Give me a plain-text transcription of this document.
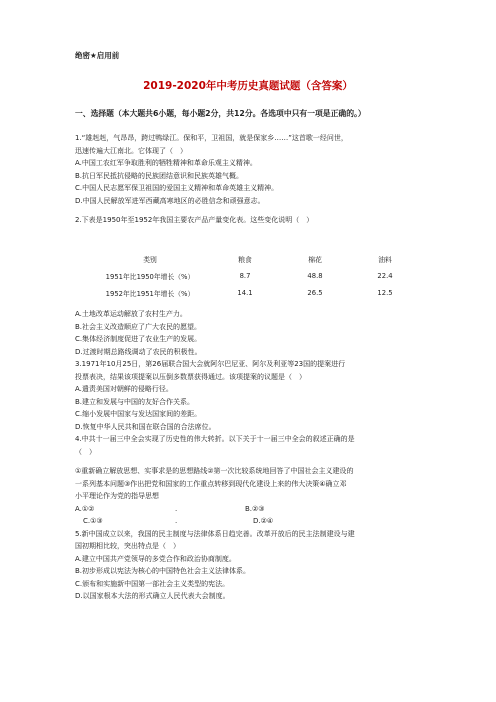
绝密★启用前
2019-2020年中考历史真题试题（含答案）
一、选择题（本大题共6小题，每小题2分，共12分。各选项中只有一项是正确的。）

1.“雄赳赳，气昂昂，跨过鸭绿江。保和平，卫祖国，就是保家乡……”这首歌一经问世，

迅速传遍大江南北。它体现了（　）

A.中国工农红军争取胜利的牺牲精神和革命乐观主义精神。

B.抗日军民抵抗侵略的民族团结意识和民族英雄气概。

C.中国人民志愿军保卫祖国的爱国主义精神和革命英雄主义精神。

D.中国人民解放军进军西藏高寒地区的必胜信念和顽强意志。

2.下表是1950年至1952年我国主要农产品产量变化表。这些变化说明（　）

类别	粮食	棉花	油料
1951年比1950年增长（%）	8.7	48.8	22.4
1952年比1951年增长（%）	14.1	26.5	12.5

A.土地改革运动解放了农村生产力。

B.社会主义改造顺应了广大农民的愿望。

C.集体经济制度促进了农业生产的发展。

D.过渡时期总路线调动了农民的积极性。

3.1971年10月25日，第26届联合国大会就阿尔巴尼亚、阿尔及利亚等23国的提案进行

投票表决，结果该项提案以压倒多数票获得通过。该项提案的议题是（　）

A.遣责美国对朝鲜的侵略行径。

B.建立和发展与中国的友好合作关系。

C.缩小发展中国家与发达国家间的差距。

D.恢复中华人民共和国在联合国的合法席位。

4.中共十一届三中全会实现了历史性的伟大转折。以下关于十一届三中全会的叙述正确的是

（　）

①重新确立解放思想、实事求是的思想路线②第一次比较系统地回答了中国社会主义建设的

一系列基本问题③作出把党和国家的工作重点转移到现代化建设上来的伟大决策④确立邓

小平理论作为党的指导思想

A.①②	.	B.②③

C.①③	.	D.②④

5.新中国成立以来，我国的民主制度与法律体系日趋完善。改革开放后的民主法制建设与建

国初期相比较，突出特点是（　）

A.建立中国共产党领导的多党合作和政治协商制度。

B.初步形成以宪法为核心的中国特色社会主义法律体系。

C.颁布和实施新中国第一部社会主义类型的宪法。

D.以国家根本大法的形式确立人民代表大会制度。
